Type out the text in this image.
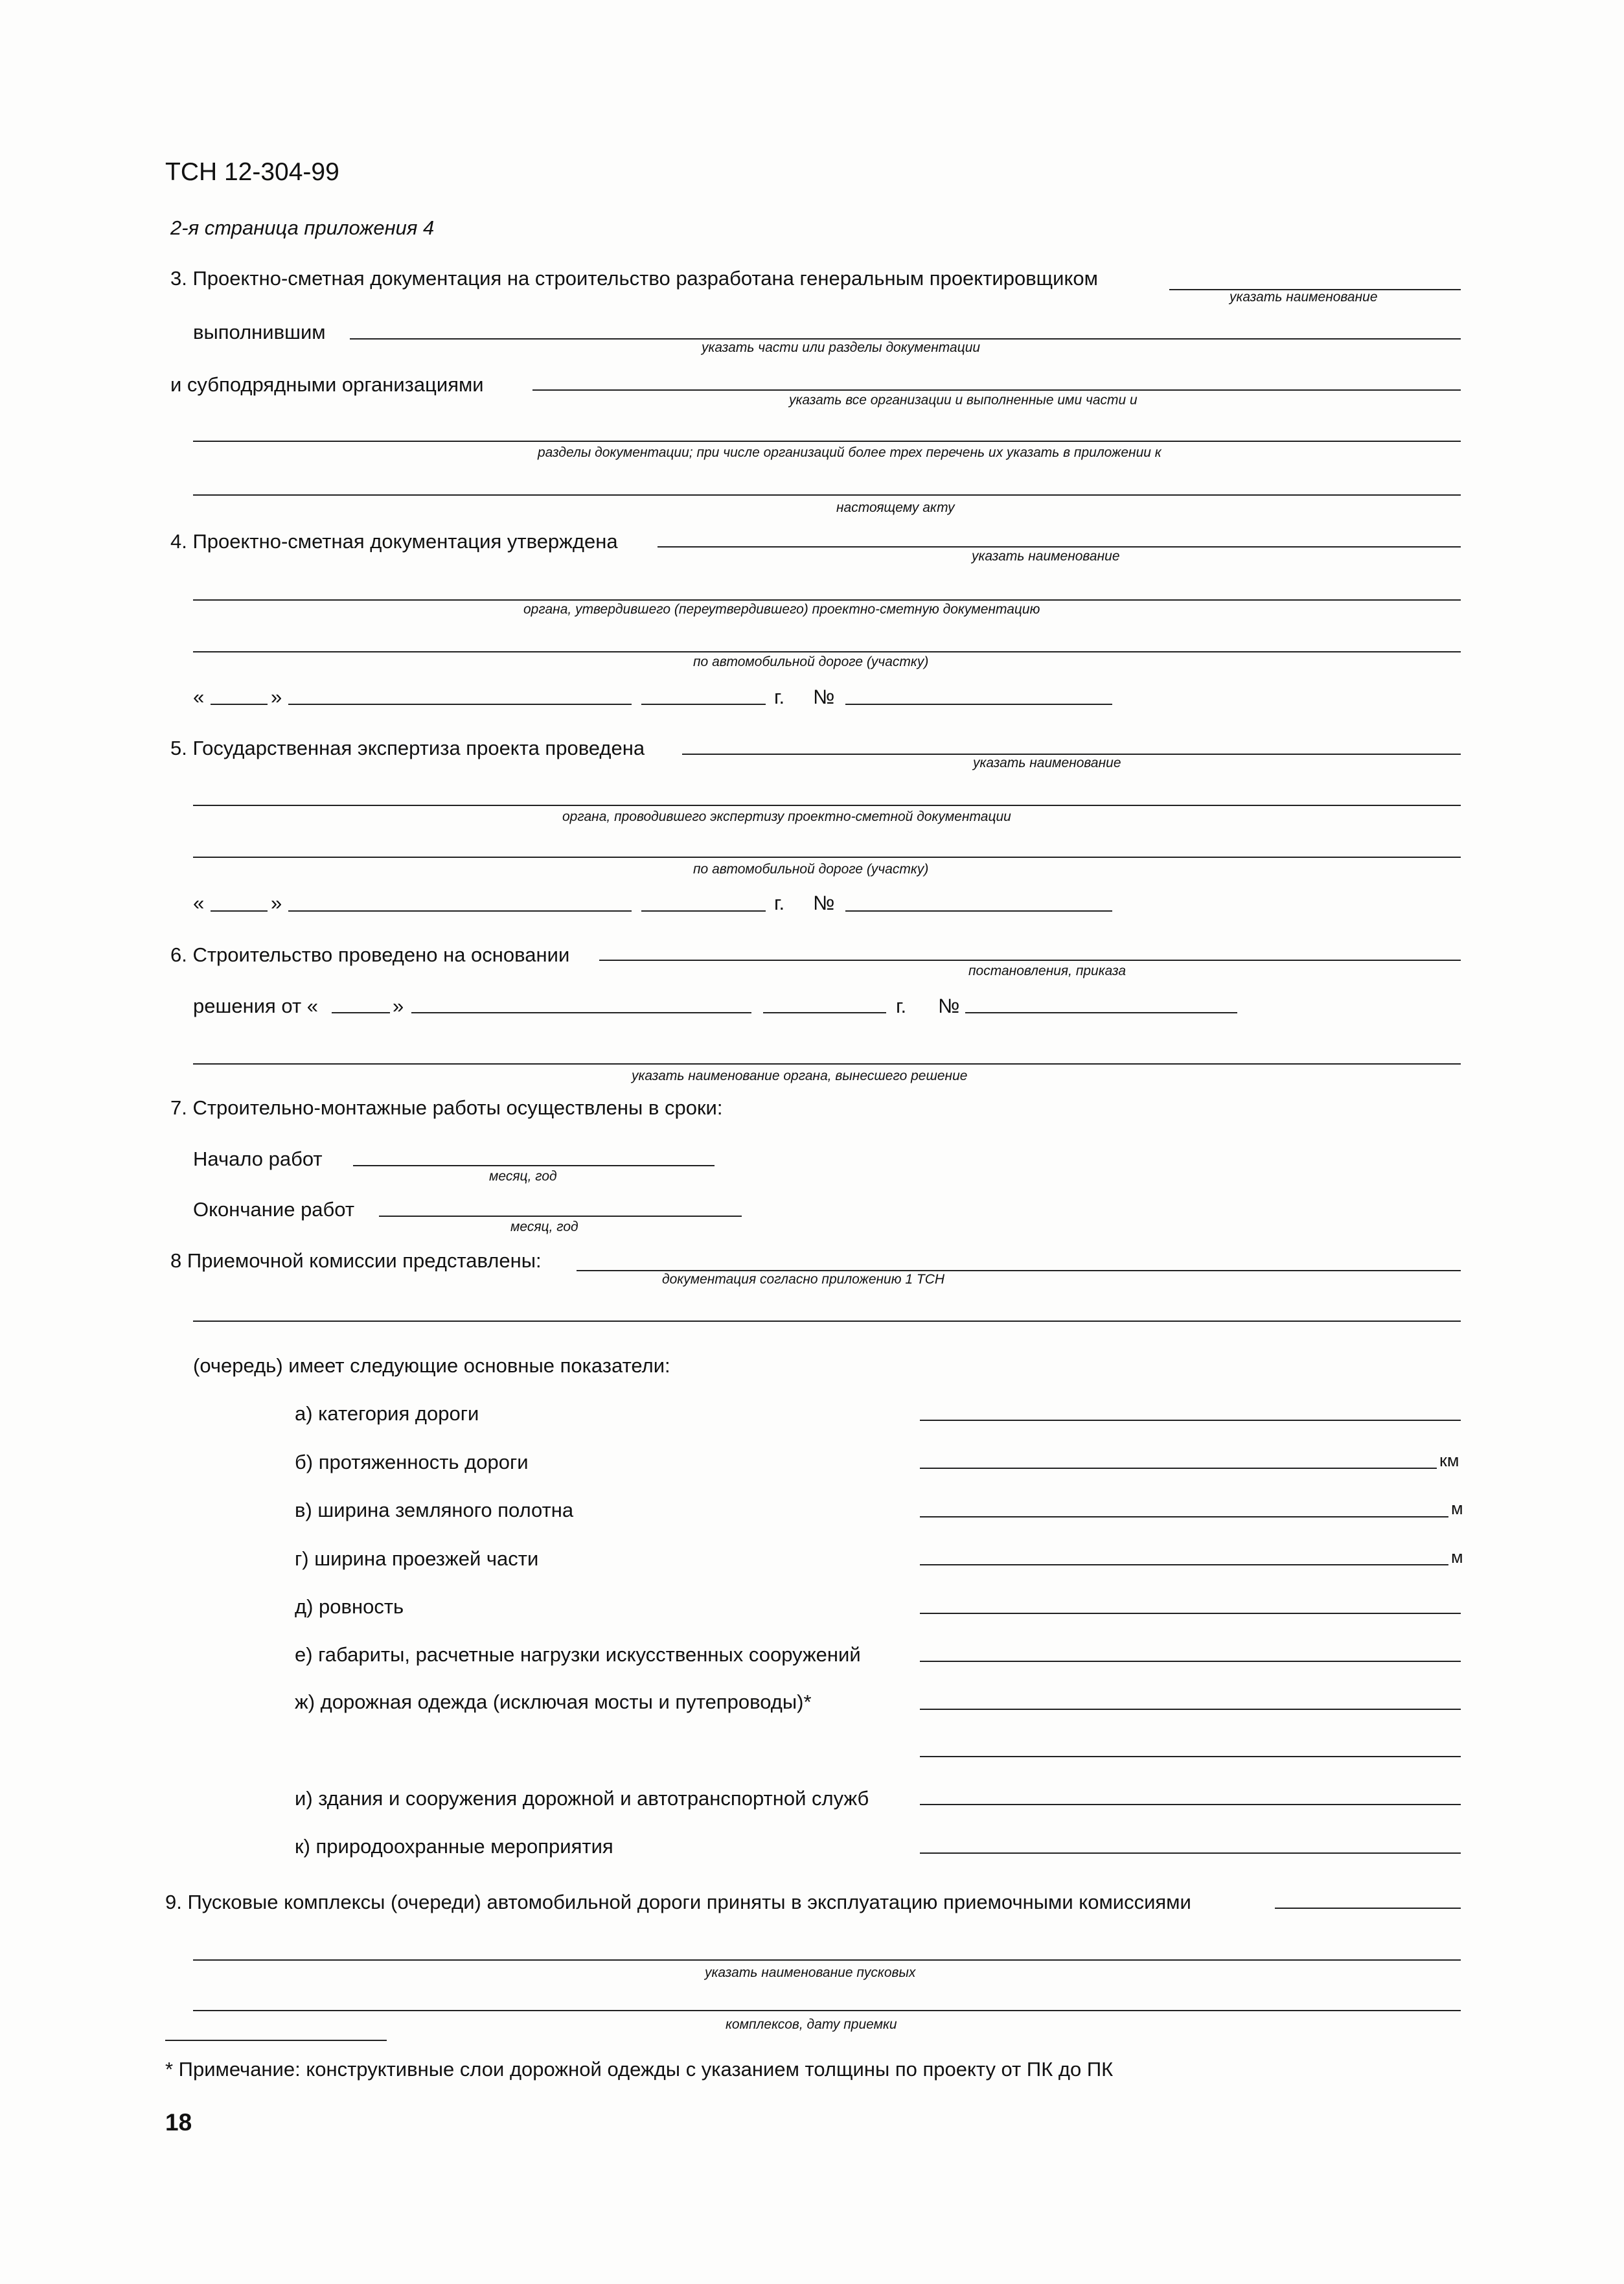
ТСН 12-304-99
2-я страница приложения 4
3. Проектно-сметная документация на строительство разработана генеральным проектировщиком
указать наименование
выполнившим
указать части или разделы документации
и субподрядными организациями
указать все организации и выполненные ими части и
разделы документации; при числе организаций более трех перечень их указать в приложении к
настоящему акту
4. Проектно-сметная документация утверждена
указать наименование
органа, утвердившего (переутвердившего) проектно-сметную документацию
по автомобильной дороге (участку)
«	»	г. №
5. Государственная экспертиза проекта проведена
указать наименование
органа, проводившего экспертизу проектно-сметной документации
по автомобильной дороге (участку)
«	»	г. №
6. Строительство проведено на основании
постановления, приказа
решения от «	»	г. №
указать наименование органа, вынесшего решение
7. Строительно-монтажные работы осуществлены в сроки:
Начало работ
месяц, год
Окончание работ
месяц, год
8 Приемочной комиссии представлены:
документация согласно приложению 1 ТСН
(очередь) имеет следующие основные показатели:
а) категория дороги
б) протяженность дороги	км
в) ширина земляного полотна	м
г) ширина проезжей части	м
д) ровность
е) габариты, расчетные нагрузки искусственных сооружений
ж) дорожная одежда (исключая мосты и путепроводы)*
и) здания и сооружения дорожной и автотранспортной служб
к) природоохранные мероприятия
9. Пусковые комплексы (очереди) автомобильной дороги приняты в эксплуатацию приемочными комиссиями
указать наименование пусковых
комплексов, дату приемки
* Примечание: конструктивные слои дорожной одежды с указанием толщины по проекту от ПК до ПК
18
